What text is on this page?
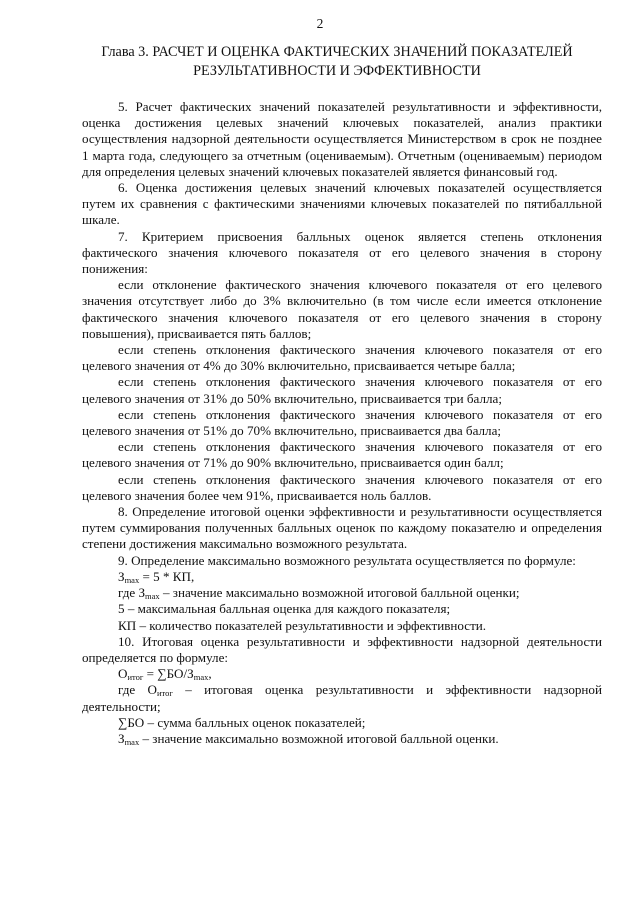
2
Глава 3. РАСЧЕТ И ОЦЕНКА ФАКТИЧЕСКИХ ЗНАЧЕНИЙ ПОКАЗАТЕЛЕЙ РЕЗУЛЬТАТИВНОСТИ И ЭФФЕКТИВНОСТИ

5. Расчет фактических значений показателей результативности и эффективности, оценка достижения целевых значений ключевых показателей, анализ практики осуществления надзорной деятельности осуществляется Министерством в срок не позднее 1 марта года, следующего за отчетным (оцениваемым). Отчетным (оцениваемым) периодом для определения целевых значений ключевых показателей является финансовый год.

6. Оценка достижения целевых значений ключевых показателей осуществляется путем их сравнения с фактическими значениями ключевых показателей по пятибалльной шкале.

7. Критерием присвоения балльных оценок является степень отклонения фактического значения ключевого показателя от его целевого значения в сторону понижения:

если отклонение фактического значения ключевого показателя от его целевого значения отсутствует либо до 3% включительно (в том числе если имеется отклонение фактического значения ключевого показателя от его целевого значения в сторону повышения), присваивается пять баллов;

если степень отклонения фактического значения ключевого показателя от его целевого значения от 4% до 30% включительно, присваивается четыре балла;

если степень отклонения фактического значения ключевого показателя от его целевого значения от 31% до 50% включительно, присваивается три балла;

если степень отклонения фактического значения ключевого показателя от его целевого значения от 51% до 70% включительно, присваивается два балла;

если степень отклонения фактического значения ключевого показателя от его целевого значения от 71% до 90% включительно, присваивается один балл;

если степень отклонения фактического значения ключевого показателя от его целевого значения более чем 91%, присваивается ноль баллов.

8. Определение итоговой оценки эффективности и результативности осуществляется путем суммирования полученных балльных оценок по каждому показателю и определения степени достижения максимально возможного результата.

9. Определение максимально возможного результата осуществляется по формуле:

$З_{max} = 5$ * КП,

где $З_{max}$ – значение максимально возможной итоговой балльной оценки;

5 – максимальная балльная оценка для каждого показателя;

КП – количество показателей результативности и эффективности.

10. Итоговая оценка результативности и эффективности надзорной деятельности определяется по формуле:

$О_{итог} = \sum БО/З_{max}$,

где $О_{итог}$ – итоговая оценка результативности и эффективности надзорной деятельности;

∑БО – сумма балльных оценок показателей;

$З_{max}$ – значение максимально возможной итоговой балльной оценки.
